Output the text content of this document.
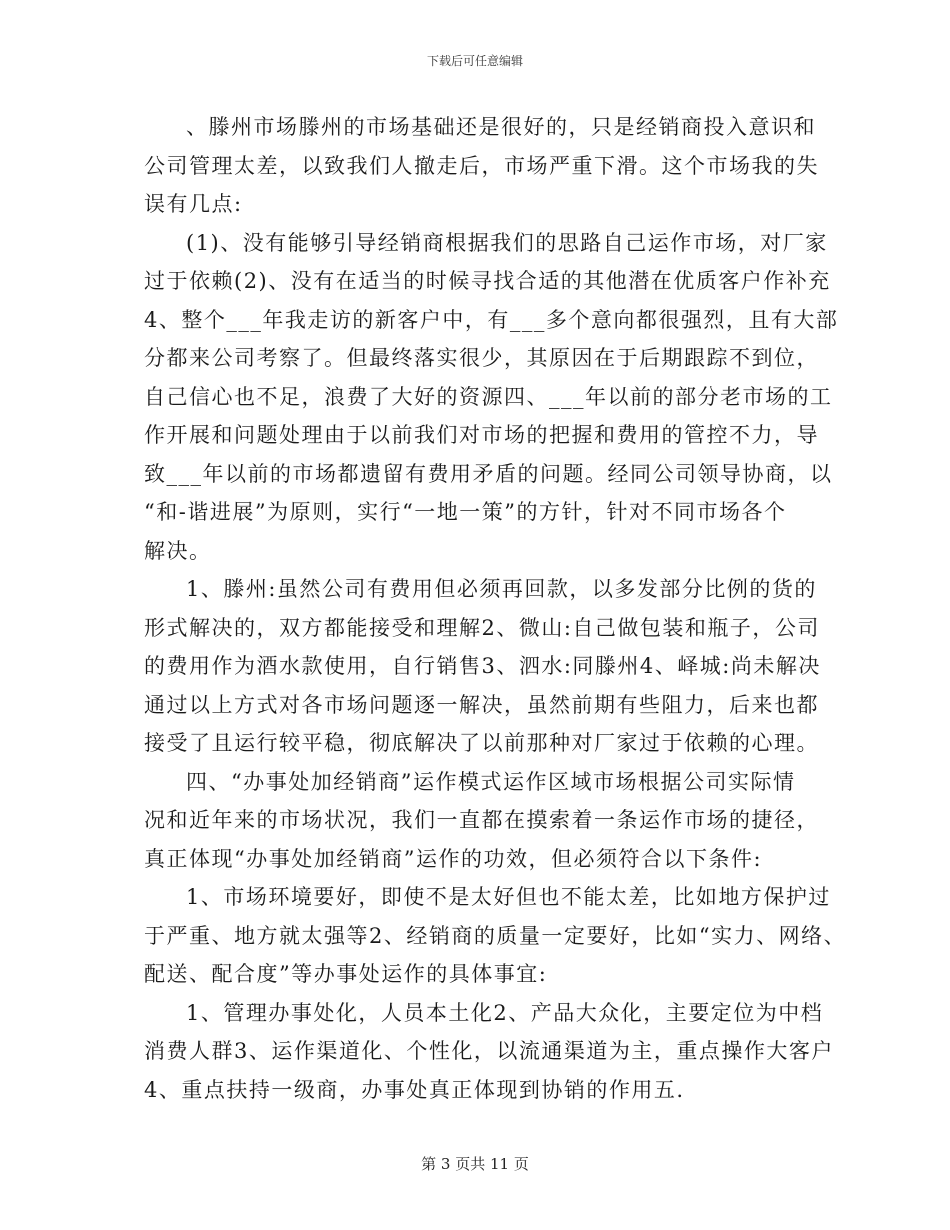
下载后可任意编辑
、滕州市场滕州的市场基础还是很好的，只是经销商投入意识和
公司管理太差，以致我们人撤走后，市场严重下滑。这个市场我的失
误有几点:
(1)、没有能够引导经销商根据我们的思路自己运作市场，对厂家
过于依赖(2)、没有在适当的时候寻找合适的其他潜在优质客户作补充
4、整个___年我走访的新客户中，有___多个意向都很强烈，且有大部
分都来公司考察了。但最终落实很少，其原因在于后期跟踪不到位，
自己信心也不足，浪费了大好的资源四、___年以前的部分老市场的工
作开展和问题处理由于以前我们对市场的把握和费用的管控不力，导
致___年以前的市场都遗留有费用矛盾的问题。经同公司领导协商，以
“和-谐进展”为原则，实行“一地一策”的方针，针对不同市场各个
解决。
1、滕州:虽然公司有费用但必须再回款，以多发部分比例的货的
形式解决的，双方都能接受和理解2、微山:自己做包装和瓶子，公司
的费用作为酒水款使用，自行销售3、泗水:同滕州4、峄城:尚未解决
通过以上方式对各市场问题逐一解决，虽然前期有些阻力，后来也都
接受了且运行较平稳，彻底解决了以前那种对厂家过于依赖的心理。
四、“办事处加经销商”运作模式运作区域市场根据公司实际情
况和近年来的市场状况，我们一直都在摸索着一条运作市场的捷径，
真正体现“办事处加经销商”运作的功效，但必须符合以下条件:
1、市场环境要好，即使不是太好但也不能太差，比如地方保护过
于严重、地方就太强等2、经销商的质量一定要好，比如“实力、网络、
配送、配合度”等办事处运作的具体事宜:
1、管理办事处化，人员本土化2、产品大众化，主要定位为中档
消费人群3、运作渠道化、个性化，以流通渠道为主，重点操作大客户
4、重点扶持一级商，办事处真正体现到协销的作用五.
第 3 页共 11 页
